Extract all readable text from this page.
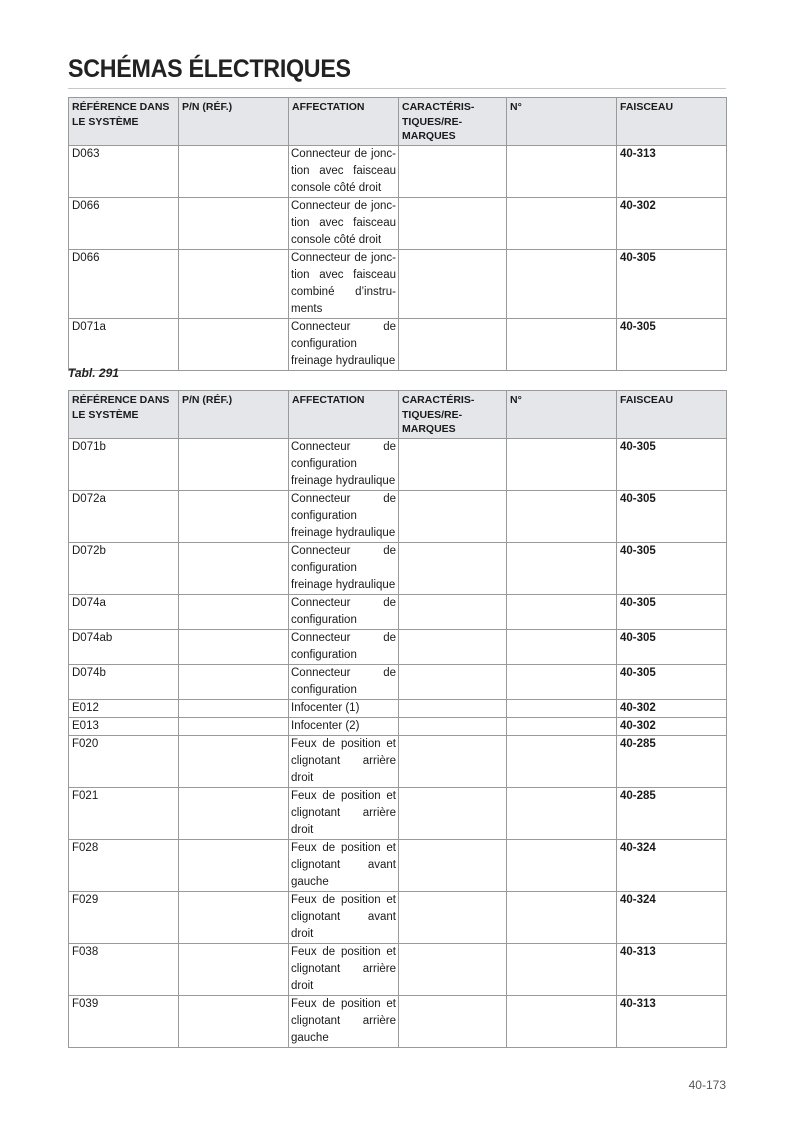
SCHÉMAS ÉLECTRIQUES
RÉFÉRENCE DANS LE SYSTÈME	P/N (RÉF.)	AFFECTATION	CARACTÉRIS-TIQUES/RE-MARQUES	N°	FAISCEAU
D063		Connecteur de jonction avec faisceau console côté droit			40-313
D066		Connecteur de jonction avec faisceau console côté droit			40-302
D066		Connecteur de jonction avec faisceau combiné d’instruments			40-305
D071a		Connecteur de configuration freinage hydraulique			40-305
Tabl. 291
RÉFÉRENCE DANS LE SYSTÈME	P/N (RÉF.)	AFFECTATION	CARACTÉRIS-TIQUES/RE-MARQUES	N°	FAISCEAU
D071b		Connecteur de configuration freinage hydraulique			40-305
D072a		Connecteur de configuration freinage hydraulique			40-305
D072b		Connecteur de configuration freinage hydraulique			40-305
D074a		Connecteur de configuration			40-305
D074ab		Connecteur de configuration			40-305
D074b		Connecteur de configuration			40-305
E012		Infocenter (1)			40-302
E013		Infocenter (2)			40-302
F020		Feux de position et clignotant arrière droit			40-285
F021		Feux de position et clignotant arrière droit			40-285
F028		Feux de position et clignotant avant gauche			40-324
F029		Feux de position et clignotant avant droit			40-324
F038		Feux de position et clignotant arrière droit			40-313
F039		Feux de position et clignotant arrière gauche			40-313
40-173
